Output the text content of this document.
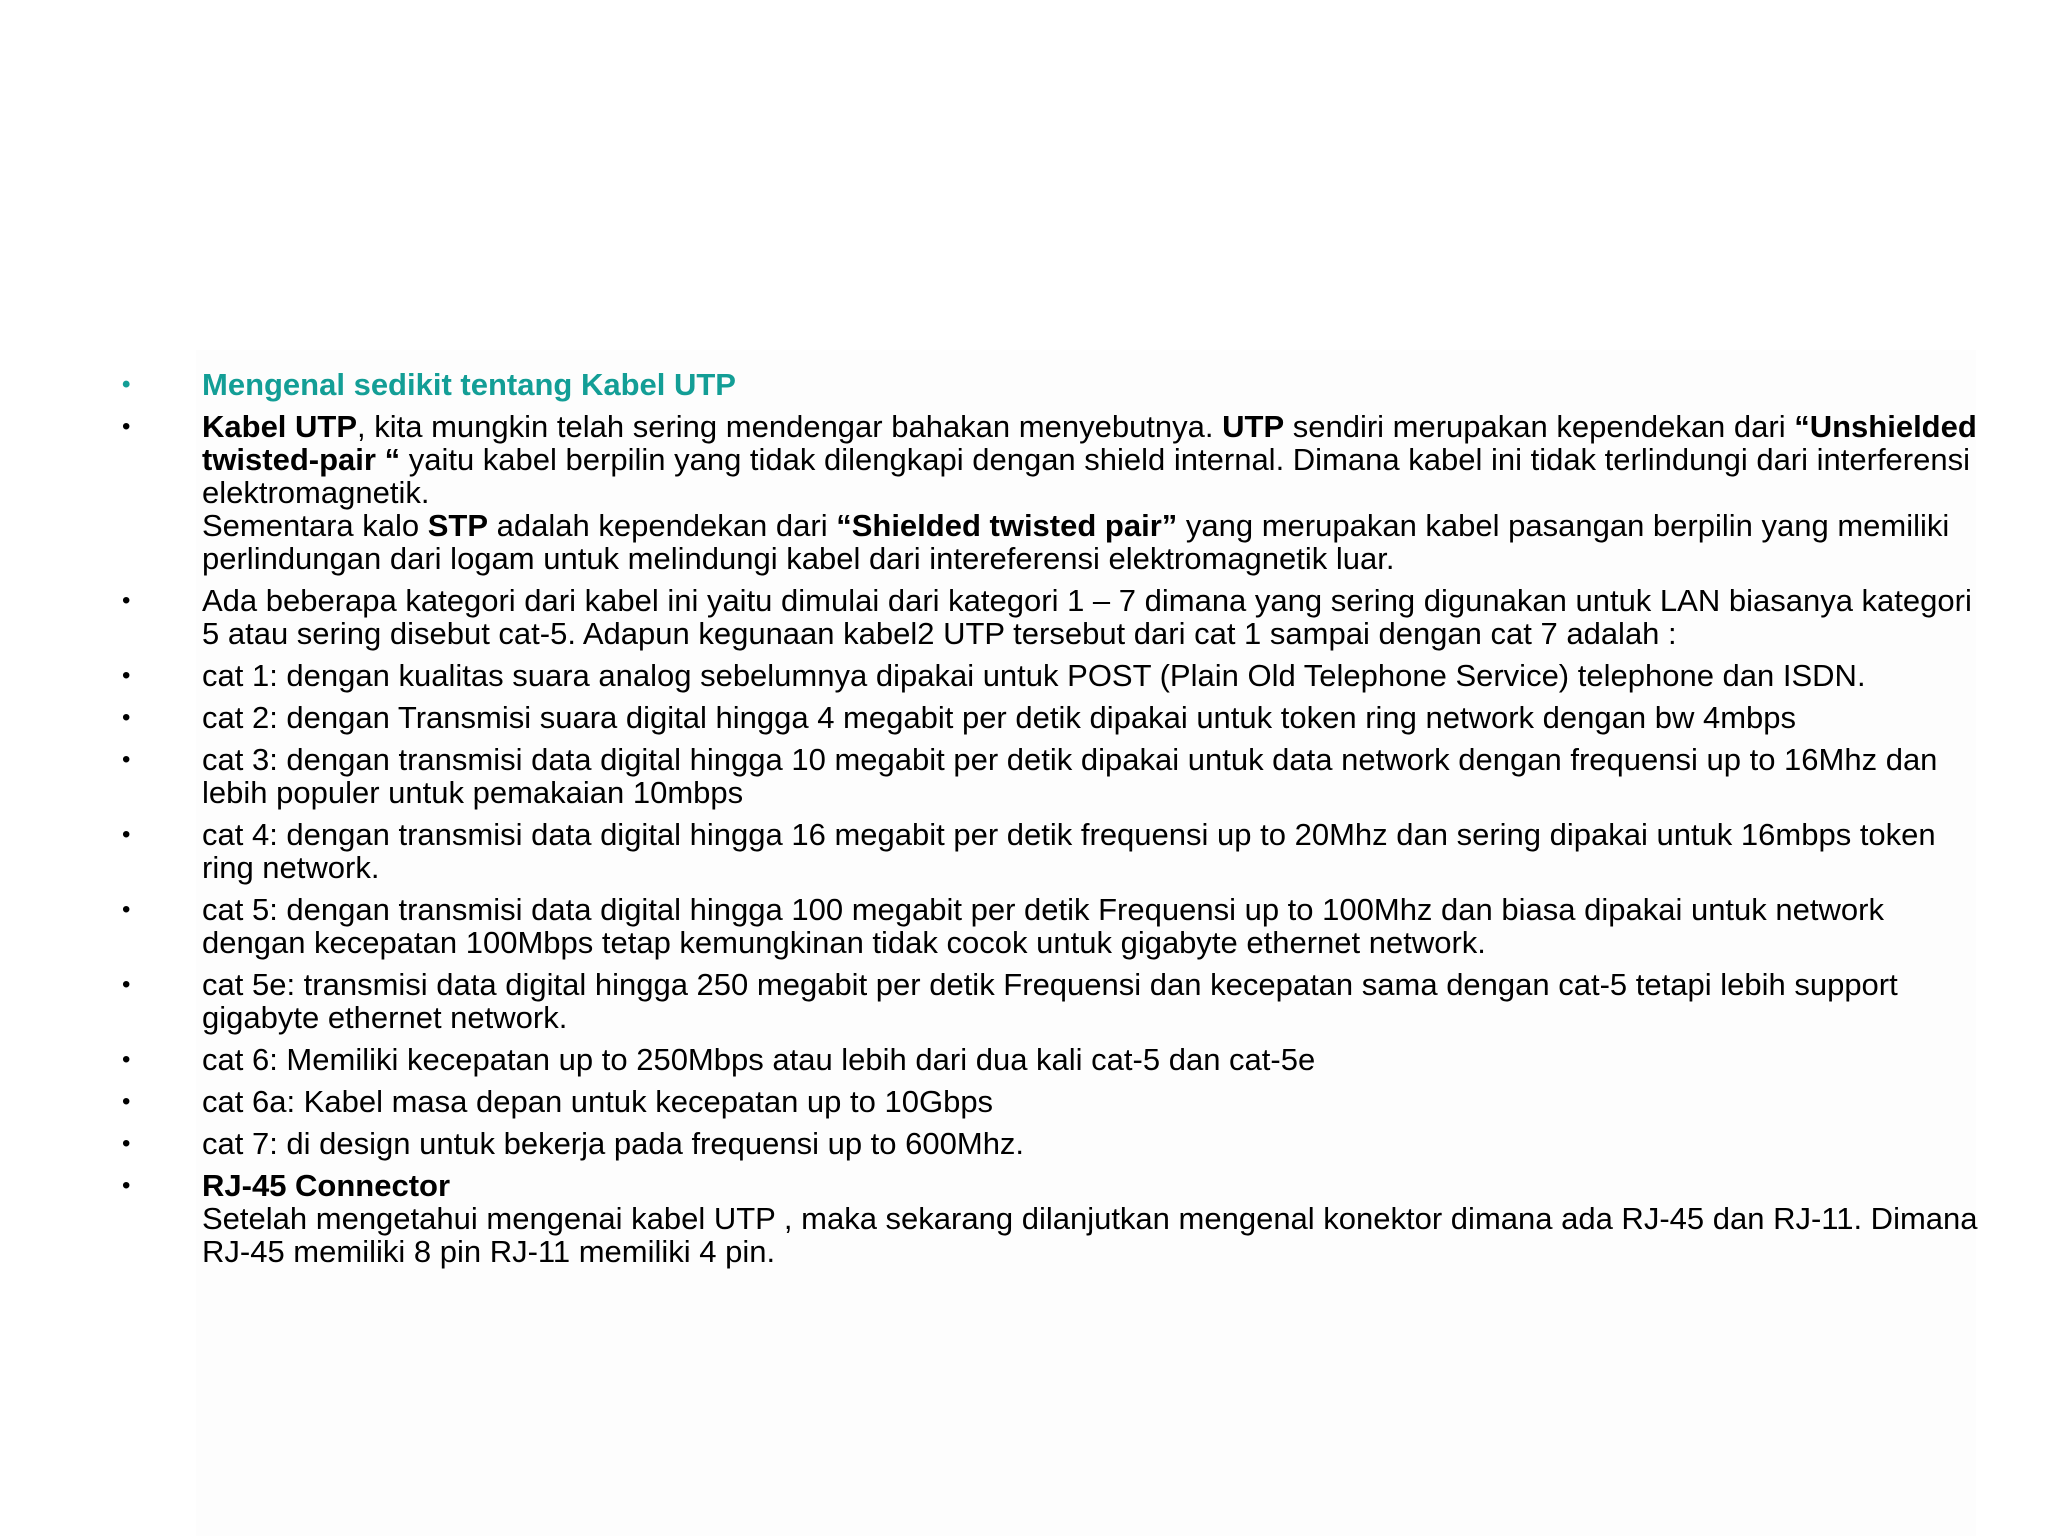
• Mengenal sedikit tentang Kabel UTP
• Kabel UTP, kita mungkin telah sering mendengar bahakan menyebutnya. UTP sendiri merupakan kependekan dari “Unshielded twisted-pair “ yaitu kabel berpilin yang tidak dilengkapi dengan shield internal. Dimana kabel ini tidak terlindungi dari interferensi elektromagnetik.
Sementara kalo STP adalah kependekan dari “Shielded twisted pair” yang merupakan kabel pasangan berpilin yang memiliki perlindungan dari logam untuk melindungi kabel dari intereferensi elektromagnetik luar.
• Ada beberapa kategori dari kabel ini yaitu dimulai dari kategori 1 – 7 dimana yang sering digunakan untuk LAN biasanya kategori 5 atau sering disebut cat-5. Adapun kegunaan kabel2 UTP tersebut dari cat 1 sampai dengan cat 7 adalah :
• cat 1: dengan kualitas suara analog sebelumnya dipakai untuk POST (Plain Old Telephone Service) telephone dan ISDN.
• cat 2: dengan Transmisi suara digital hingga 4 megabit per detik dipakai untuk token ring network dengan bw 4mbps
• cat 3: dengan transmisi data digital hingga 10 megabit per detik dipakai untuk data network dengan frequensi up to 16Mhz dan lebih populer untuk pemakaian 10mbps
• cat 4: dengan transmisi data digital hingga 16 megabit per detik frequensi up to 20Mhz dan sering dipakai untuk 16mbps token ring network.
• cat 5: dengan transmisi data digital hingga 100 megabit per detik Frequensi up to 100Mhz dan biasa dipakai untuk network dengan kecepatan 100Mbps tetap kemungkinan tidak cocok untuk gigabyte ethernet network.
• cat 5e: transmisi data digital hingga 250 megabit per detik Frequensi dan kecepatan sama dengan cat-5 tetapi lebih support gigabyte ethernet network.
• cat 6: Memiliki kecepatan up to 250Mbps atau lebih dari dua kali cat-5 dan cat-5e
• cat 6a: Kabel masa depan untuk kecepatan up to 10Gbps
• cat 7: di design untuk bekerja pada frequensi up to 600Mhz.
• RJ-45 Connector
Setelah mengetahui mengenai kabel UTP , maka sekarang dilanjutkan mengenal konektor dimana ada RJ-45 dan RJ-11. Dimana RJ-45 memiliki 8 pin RJ-11 memiliki 4 pin.
